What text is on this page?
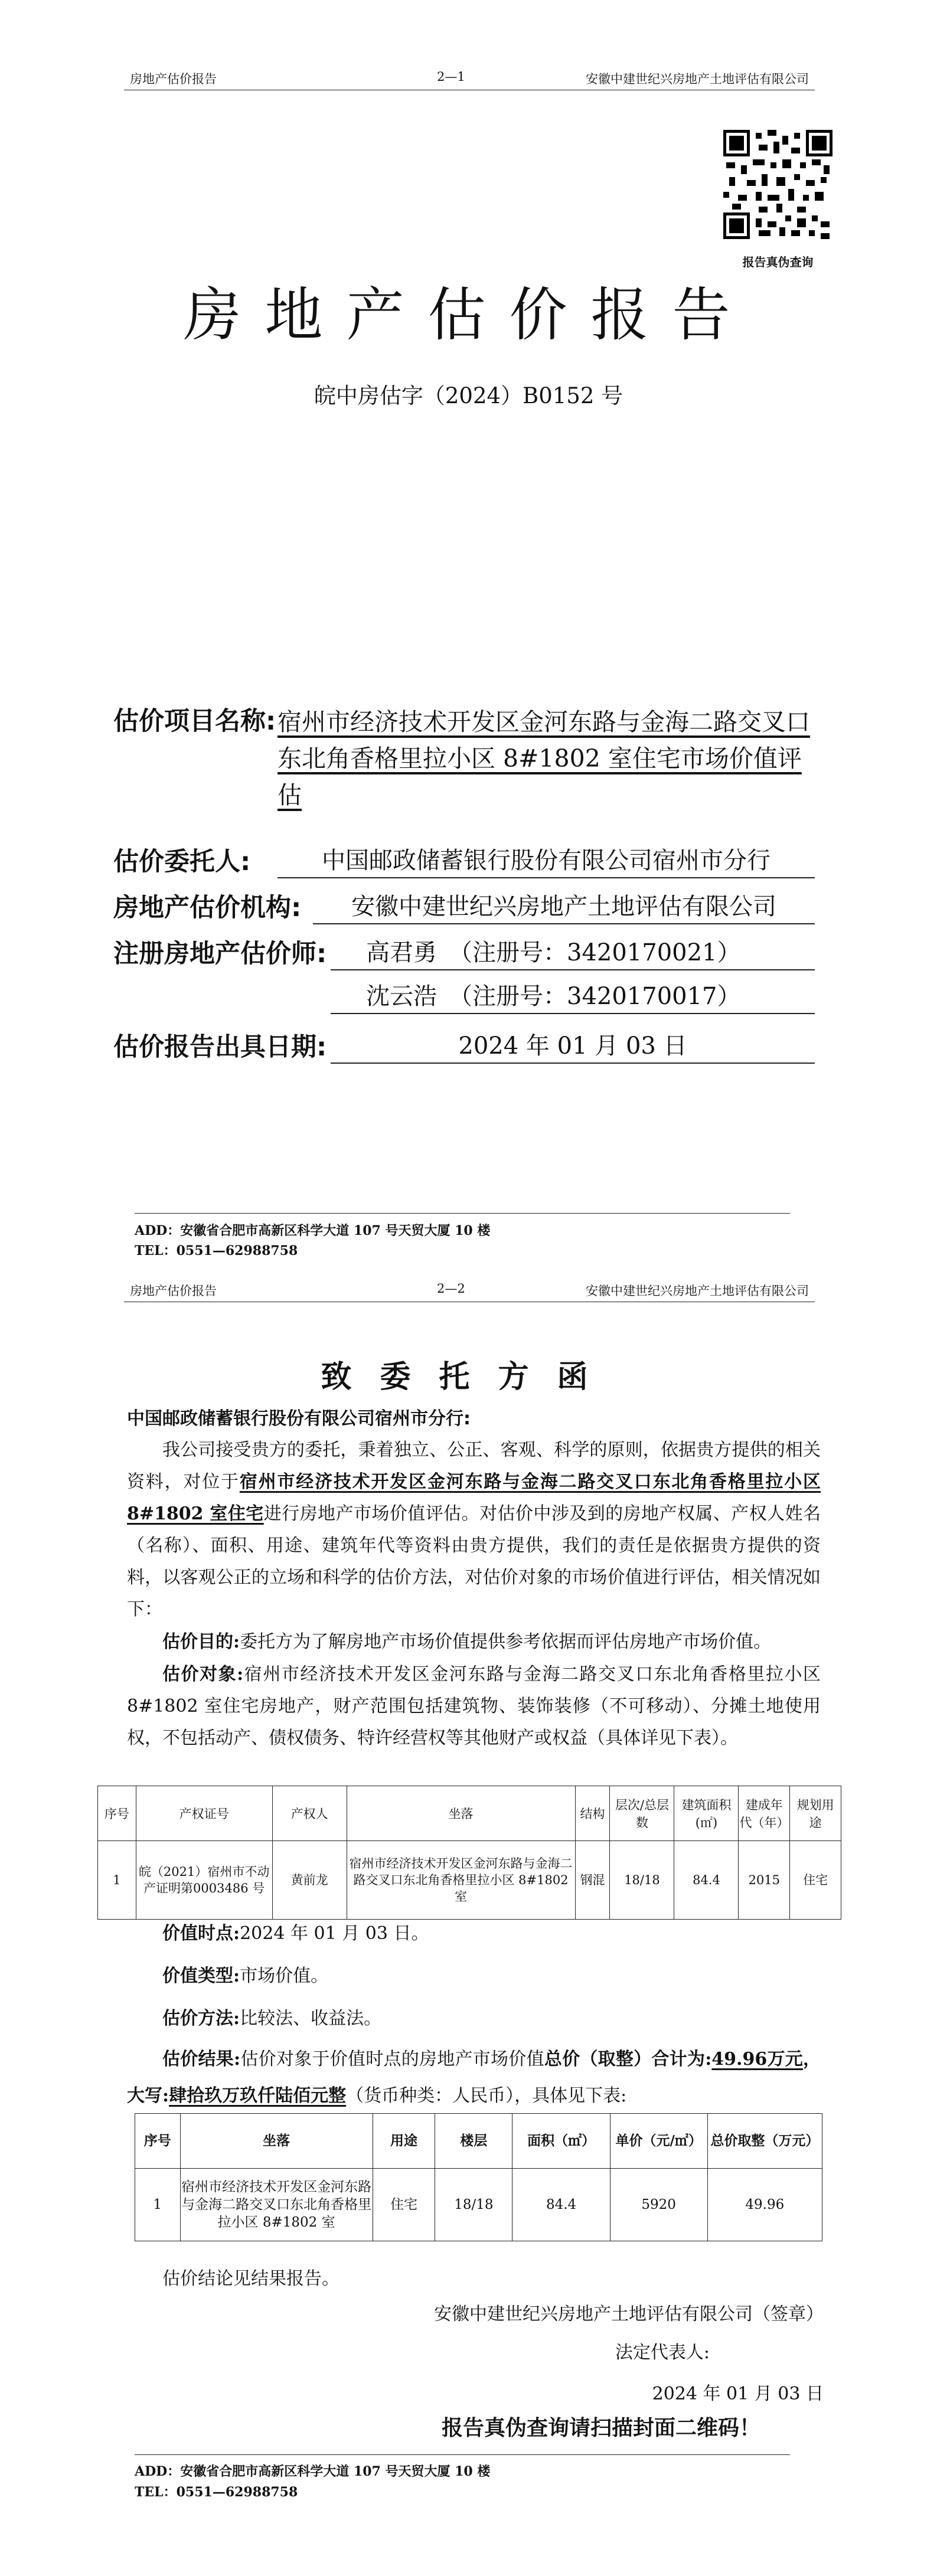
房地产估价报告	2—1	安徽中建世纪兴房地产土地评估有限公司
报告真伪查询
房地产估价报告
皖中房估字（2024）B0152 号
估价项目名称: 宿州市经济技术开发区金河东路与金海二路交叉口东北角香格里拉小区 8#1802 室住宅市场价值评估
估价委托人:	中国邮政储蓄银行股份有限公司宿州市分行
房地产估价机构:	安徽中建世纪兴房地产土地评估有限公司
注册房地产估价师:	高君勇　（注册号：3420170021）
沈云浩　（注册号：3420170017）
估价报告出具日期:	2024 年 01 月 03 日
ADD：安徽省合肥市高新区科学大道 107 号天贸大厦 10 楼
TEL：0551—62988758
房地产估价报告	2—2	安徽中建世纪兴房地产土地评估有限公司
致委托方函
中国邮政储蓄银行股份有限公司宿州市分行:
我公司接受贵方的委托，秉着独立、公正、客观、科学的原则，依据贵方提供的相关资料，对位于宿州市经济技术开发区金河东路与金海二路交叉口东北角香格里拉小区 8#1802 室住宅进行房地产市场价值评估。对估价中涉及到的房地产权属、产权人姓名（名称）、面积、用途、建筑年代等资料由贵方提供，我们的责任是依据贵方提供的资料，以客观公正的立场和科学的估价方法，对估价对象的市场价值进行评估，相关情况如下：
估价目的:委托方为了解房地产市场价值提供参考依据而评估房地产市场价值。
估价对象:宿州市经济技术开发区金河东路与金海二路交叉口东北角香格里拉小区 8#1802 室住宅房地产，财产范围包括建筑物、装饰装修（不可移动）、分摊土地使用权，不包括动产、债权债务、特许经营权等其他财产或权益（具体详见下表）。
序号	产权证号	产权人	坐落	结构	层次/总层数	建筑面积(㎡)	建成年代（年）	规划用途
1	皖（2021）宿州市不动产证明第0003486 号	黄前龙	宿州市经济技术开发区金河东路与金海二路交叉口东北角香格里拉小区 8#1802 室	钢混	18/18	84.4	2015	住宅
价值时点:2024 年 01 月 03 日。
价值类型:市场价值。
估价方法:比较法、收益法。
估价结果:估价对象于价值时点的房地产市场价值总价（取整）合计为:49.96万元，大写:肆拾玖万玖仟陆佰元整（货币种类：人民币），具体见下表:
序号	坐落	用途	楼层	面积（㎡）	单价（元/㎡）	总价取整（万元）
1	宿州市经济技术开发区金河东路与金海二路交叉口东北角香格里拉小区 8#1802 室	住宅	18/18	84.4	5920	49.96
估价结论见结果报告。
安徽中建世纪兴房地产土地评估有限公司（签章）
法定代表人:
2024 年 01 月 03 日
报告真伪查询请扫描封面二维码！
ADD：安徽省合肥市高新区科学大道 107 号天贸大厦 10 楼
TEL：0551—62988758
